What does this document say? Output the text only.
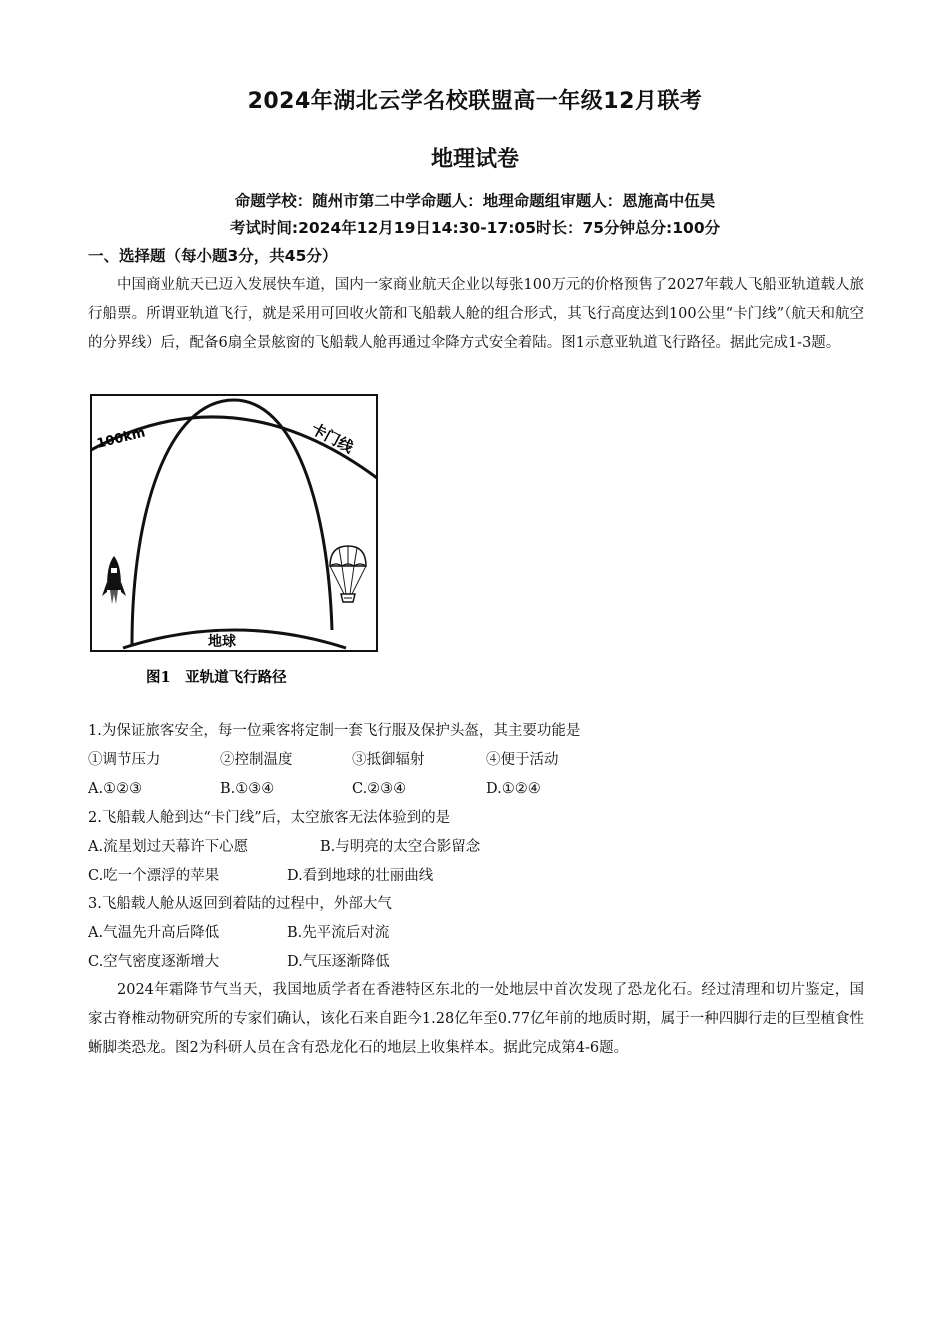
2024年湖北云学名校联盟高一年级12月联考
地理试卷
命题学校：随州市第二中学命题人：地理命题组审题人：恩施高中伍昊
考试时间:2024年12月19日14:30-17:05时长：75分钟总分:100分
一、选择题（每小题3分，共45分）
中国商业航天已迈入发展快车道，国内一家商业航天企业以每张100万元的价格预售了2027年载人飞船亚轨道载人旅行船票。所谓亚轨道飞行，就是采用可回收火箭和飞船载人舱的组合形式，其飞行高度达到100公里“卡门线”（航天和航空的分界线）后，配备6扇全景舷窗的飞船载人舱再通过伞降方式安全着陆。图1示意亚轨道飞行路径。据此完成1-3题。
100km	卡门线
地球
图1　亚轨道飞行路径
1.为保证旅客安全，每一位乘客将定制一套飞行服及保护头盔，其主要功能是
①调节压力	②控制温度	③抵御辐射	④便于活动
A.①②③	B.①③④	C.②③④	D.①②④
2.飞船载人舱到达“卡门线”后，太空旅客无法体验到的是
A.流星划过天幕许下心愿	B.与明亮的太空合影留念
C.吃一个漂浮的苹果	D.看到地球的壮丽曲线
3.飞船载人舱从返回到着陆的过程中，外部大气
A.气温先升高后降低	B.先平流后对流
C.空气密度逐渐增大	D.气压逐渐降低
2024年霜降节气当天，我国地质学者在香港特区东北的一处地层中首次发现了恐龙化石。经过清理和切片鉴定，国家古脊椎动物研究所的专家们确认，该化石来自距今1.28亿年至0.77亿年前的地质时期，属于一种四脚行走的巨型植食性蜥脚类恐龙。图2为科研人员在含有恐龙化石的地层上收集样本。据此完成第4-6题。
